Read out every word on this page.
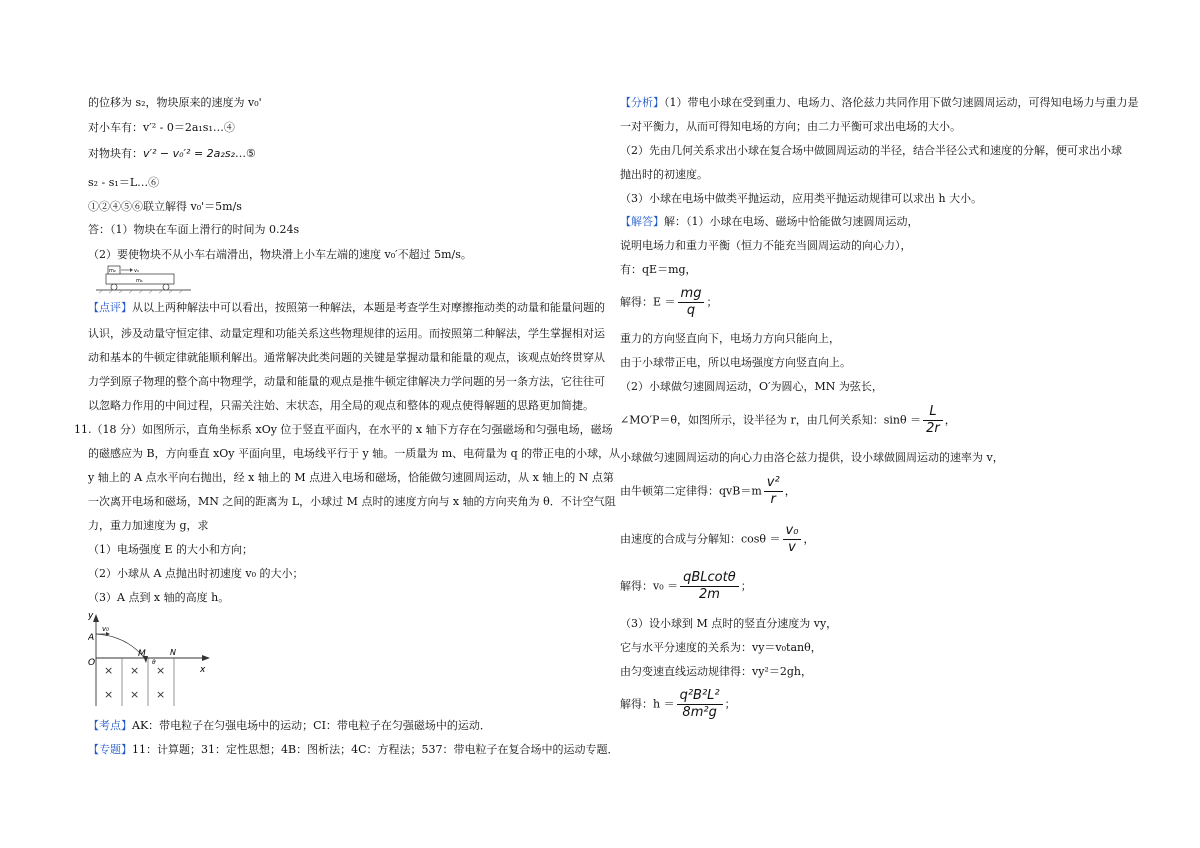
的位移为 s₂，物块原来的速度为 v₀'
对小车有：v′² - 0＝2a₁s₁…④
对物块有：v′² − v₀′² = 2a₂s₂…⑤
s₂ - s₁＝L…⑥
①②④⑤⑥联立解得 v₀'＝5m/s
答：（1）物块在车面上滑行的时间为 0.24s
（2）要使物块不从小车右端滑出，物块滑上小车左端的速度 v₀′不超过 5m/s。
m₂	v₀
m₁
【点评】从以上两种解法中可以看出，按照第一种解法，本题是考查学生对摩擦拖动类的动量和能量问题的
认识，涉及动量守恒定律、动量定理和功能关系这些物理规律的运用。而按照第二种解法，学生掌握相对运
动和基本的牛顿定律就能顺利解出。通常解决此类问题的关键是掌握动量和能量的观点，该观点始终贯穿从
力学到原子物理的整个高中物理学，动量和能量的观点是推牛顿定律解决力学问题的另一条方法，它往往可
以忽略力作用的中间过程，只需关注始、末状态，用全局的观点和整体的观点使得解题的思路更加简捷。
11.（18 分）如图所示，直角坐标系 xOy 位于竖直平面内，在水平的 x 轴下方存在匀强磁场和匀强电场，磁场
的磁感应为 B，方向垂直 xOy 平面向里，电场线平行于 y 轴。一质量为 m、电荷量为 q 的带正电的小球，从
y 轴上的 A 点水平向右抛出，经 x 轴上的 M 点进入电场和磁场，恰能做匀速圆周运动，从 x 轴上的 N 点第
一次离开电场和磁场，MN 之间的距离为 L，小球过 M 点时的速度方向与 x 轴的方向夹角为 θ．不计空气阻
力，重力加速度为 g，求
（1）电场强度 E 的大小和方向；
（2）小球从 A 点抛出时初速度 v₀ 的大小；
（3）A 点到 x 轴的高度 h。
y
A
v₀
O
M	N
θ
x
× × ×
× × ×
【考点】AK：带电粒子在匀强电场中的运动；CI：带电粒子在匀强磁场中的运动．
【专题】11：计算题；31：定性思想；4B：图析法；4C：方程法；537：带电粒子在复合场中的运动专题．
【分析】（1）带电小球在受到重力、电场力、洛伦兹力共同作用下做匀速圆周运动，可得知电场力与重力是
一对平衡力，从而可得知电场的方向；由二力平衡可求出电场的大小。
（2）先由几何关系求出小球在复合场中做圆周运动的半径，结合半径公式和速度的分解，便可求出小球
抛出时的初速度。
（3）小球在电场中做类平抛运动，应用类平抛运动规律可以求出 h 大小。
【解答】解：（1）小球在电场、磁场中恰能做匀速圆周运动，
说明电场力和重力平衡（恒力不能充当圆周运动的向心力），
有：qE＝mg，
解得：$E = \frac{mg}{q}$ ；
重力的方向竖直向下，电场力方向只能向上，
由于小球带正电，所以电场强度方向竖直向上。
（2）小球做匀速圆周运动，O′为圆心，MN 为弦长，
∠MO′P＝θ，如图所示，设半径为 r，由几何关系知：$\sin\theta = \frac{L}{2r}$ ，
小球做匀速圆周运动的向心力由洛仑兹力提供，设小球做圆周运动的速率为 v，
由牛顿第二定律得：$qvB=m \frac{\text{v²}}{r}$ ，
由速度的合成与分解知：$\cos\theta = \frac{\text{v₀}}{v}$ ，
解得：$v_0 = \frac{\text{qBLcotθ}}{2m}$ ；
（3）设小球到 M 点时的竖直分速度为 vy，
它与水平分速度的关系为：vy＝v₀tanθ，
由匀变速直线运动规律得：vy²＝2gh，
解得：$h = \frac{\text{q²B²L²}}{\text{8m²g}}$ ；
